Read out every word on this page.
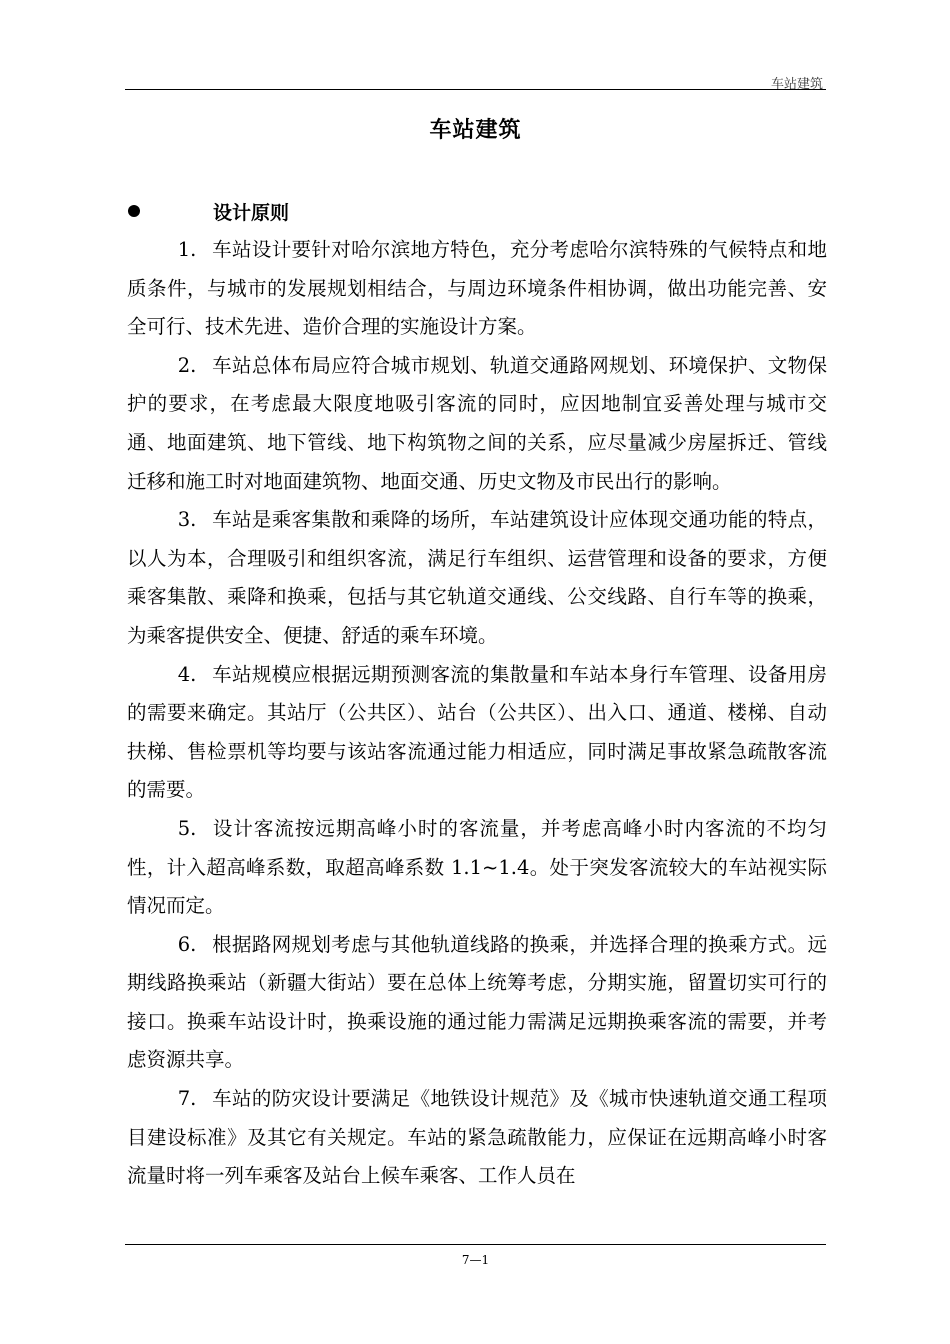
车站建筑
车站建筑
设计原则

1. 车站设计要针对哈尔滨地方特色，充分考虑哈尔滨特殊的气候特点和地质条件，与城市的发展规划相结合，与周边环境条件相协调，做出功能完善、安全可行、技术先进、造价合理的实施设计方案。

2. 车站总体布局应符合城市规划、轨道交通路网规划、环境保护、文物保护的要求，在考虑最大限度地吸引客流的同时，应因地制宜妥善处理与城市交通、地面建筑、地下管线、地下构筑物之间的关系，应尽量减少房屋拆迁、管线迁移和施工时对地面建筑物、地面交通、历史文物及市民出行的影响。

3. 车站是乘客集散和乘降的场所，车站建筑设计应体现交通功能的特点，以人为本，合理吸引和组织客流，满足行车组织、运营管理和设备的要求，方便乘客集散、乘降和换乘，包括与其它轨道交通线、公交线路、自行车等的换乘，为乘客提供安全、便捷、舒适的乘车环境。

4. 车站规模应根据远期预测客流的集散量和车站本身行车管理、设备用房的需要来确定。其站厅（公共区）、站台（公共区）、出入口、通道、楼梯、自动扶梯、售检票机等均要与该站客流通过能力相适应，同时满足事故紧急疏散客流的需要。

5. 设计客流按远期高峰小时的客流量，并考虑高峰小时内客流的不均匀性，计入超高峰系数，取超高峰系数 1.1~1.4。处于突发客流较大的车站视实际情况而定。

6. 根据路网规划考虑与其他轨道线路的换乘，并选择合理的换乘方式。远期线路换乘站（新疆大街站）要在总体上统筹考虑，分期实施，留置切实可行的接口。换乘车站设计时，换乘设施的通过能力需满足远期换乘客流的需要，并考虑资源共享。

7. 车站的防灾设计要满足《地铁设计规范》及《城市快速轨道交通工程项目建设标准》及其它有关规定。车站的紧急疏散能力，应保证在远期高峰小时客流量时将一列车乘客及站台上候车乘客、工作人员在

7—1
